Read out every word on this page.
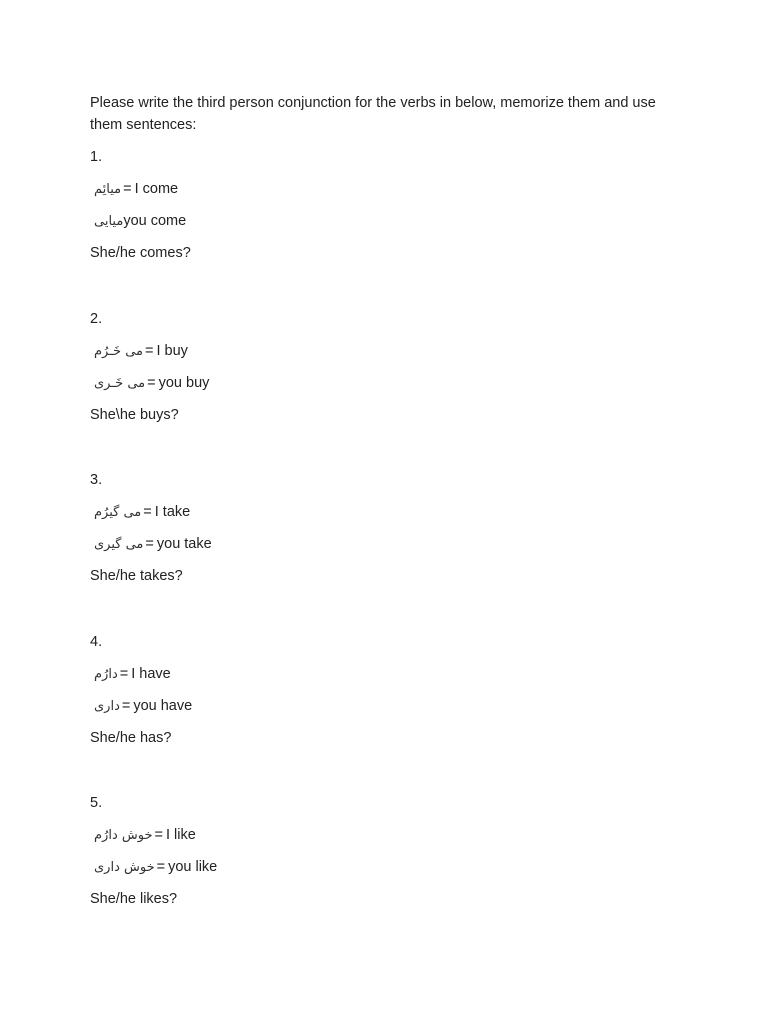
Please write the third person conjunction for the verbs in below, memorize them and use them sentences:

1.
میائِم = I come
میاییyou come
She/he comes?
2.
می خَـرُم = I buy
می خَـری = you buy
She\he buys?
3.
می گیرُم = I take
می گیری = you take
She/he takes?
4.
دارُم = I have
داری = you have
She/he has?
5.
خوش دارُم = I like
خوش داری = you like
She/he likes?
